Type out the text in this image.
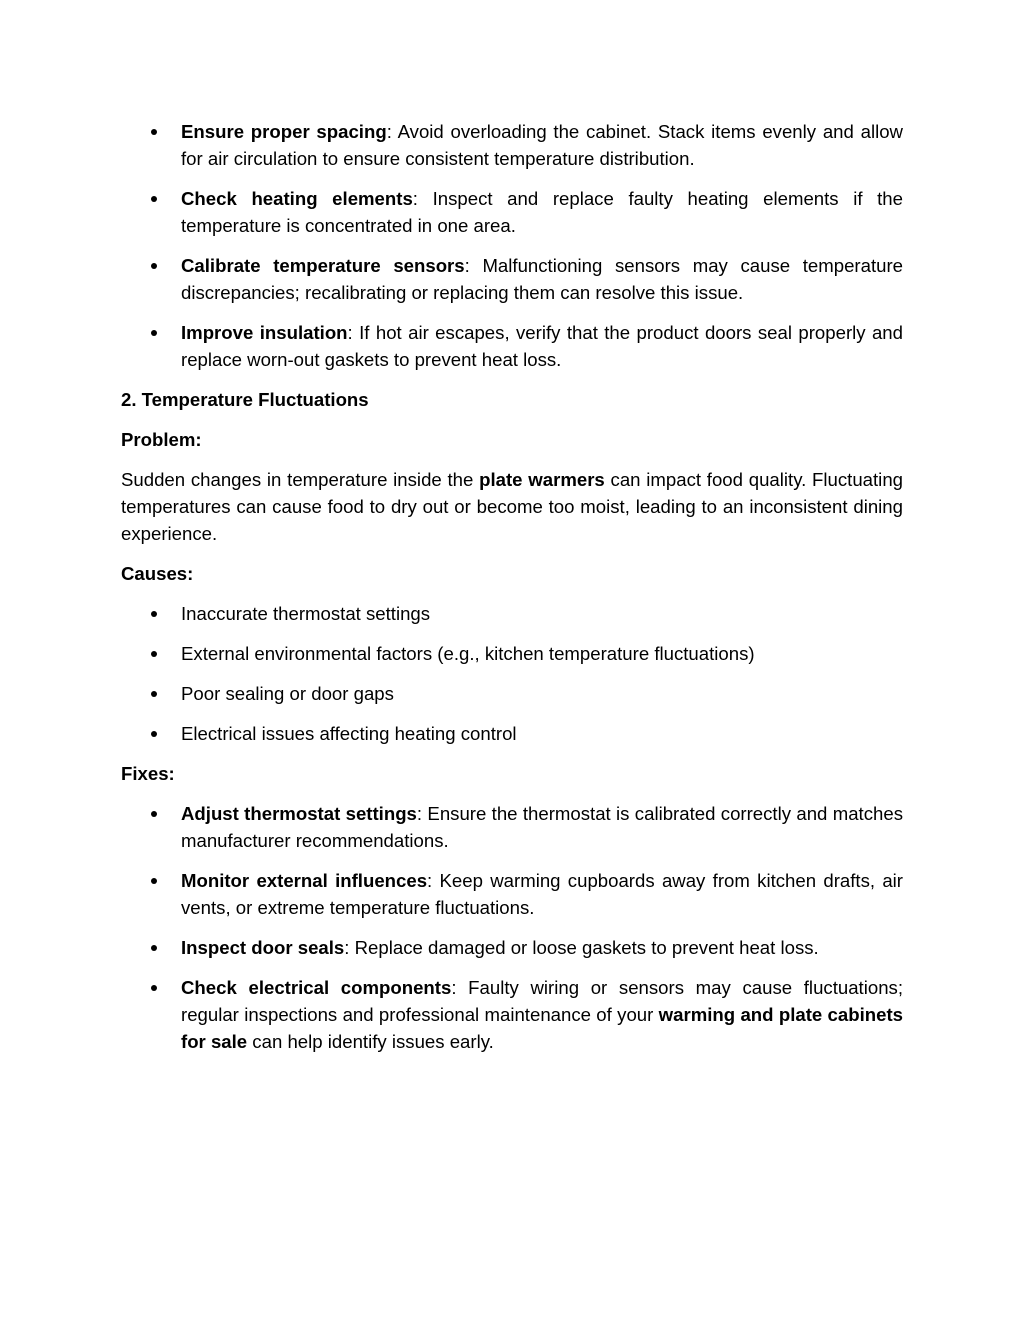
Ensure proper spacing: Avoid overloading the cabinet. Stack items evenly and allow for air circulation to ensure consistent temperature distribution.
Check heating elements: Inspect and replace faulty heating elements if the temperature is concentrated in one area.
Calibrate temperature sensors: Malfunctioning sensors may cause temperature discrepancies; recalibrating or replacing them can resolve this issue.
Improve insulation: If hot air escapes, verify that the product doors seal properly and replace worn-out gaskets to prevent heat loss.
2. Temperature Fluctuations
Problem:

Sudden changes in temperature inside the plate warmers can impact food quality. Fluctuating temperatures can cause food to dry out or become too moist, leading to an inconsistent dining experience.

Causes:
Inaccurate thermostat settings
External environmental factors (e.g., kitchen temperature fluctuations)
Poor sealing or door gaps
Electrical issues affecting heating control
Fixes:
Adjust thermostat settings: Ensure the thermostat is calibrated correctly and matches manufacturer recommendations.
Monitor external influences: Keep warming cupboards away from kitchen drafts, air vents, or extreme temperature fluctuations.
Inspect door seals: Replace damaged or loose gaskets to prevent heat loss.
Check electrical components: Faulty wiring or sensors may cause fluctuations; regular inspections and professional maintenance of your warming and plate cabinets for sale can help identify issues early.
